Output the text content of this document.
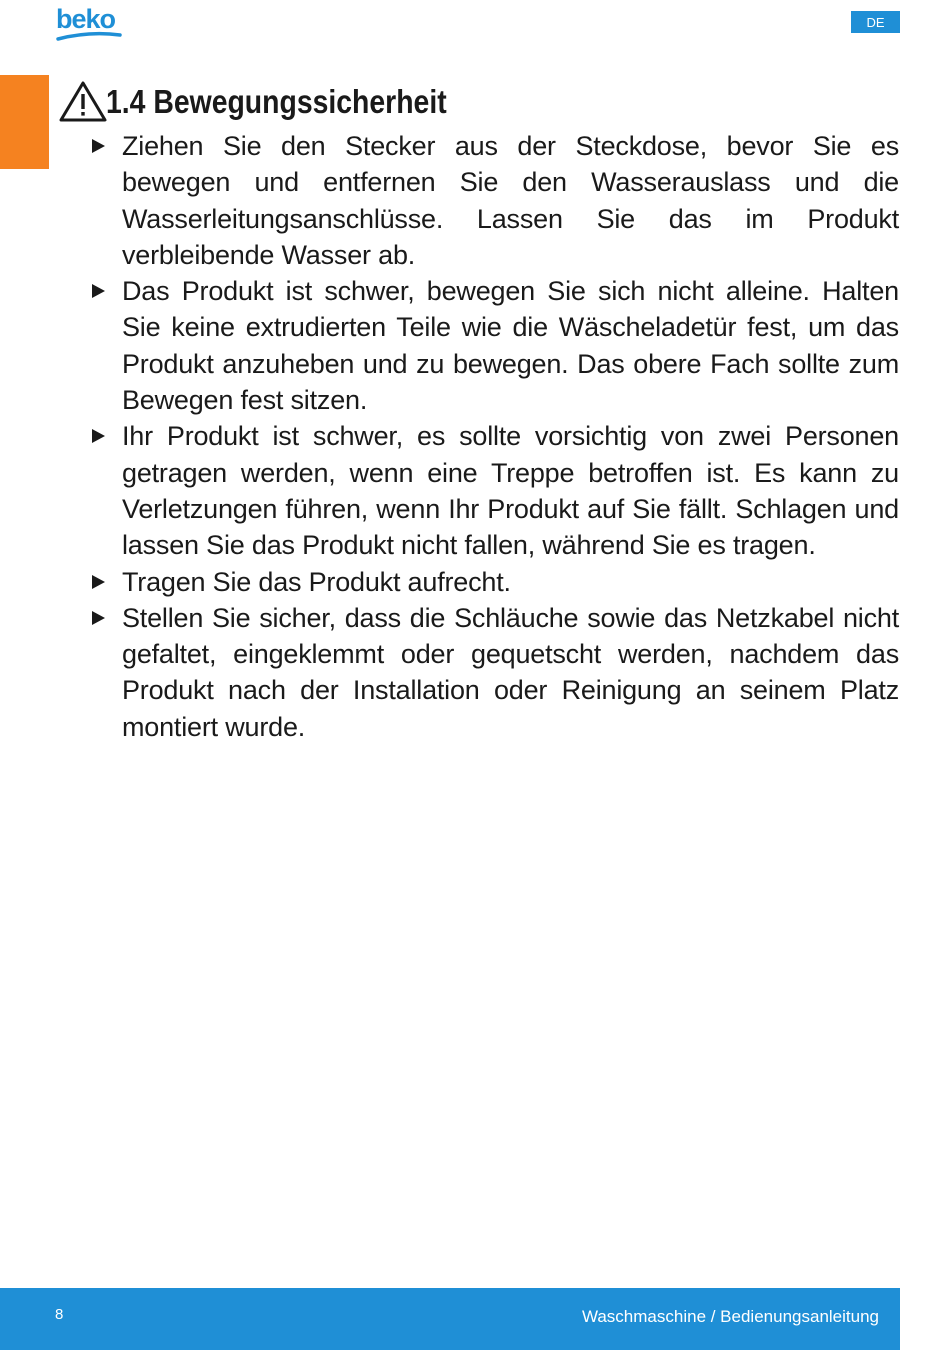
beko	DE
1.4 Bewegungssicherheit
Ziehen Sie den Stecker aus der Steckdose, bevor Sie es bewegen und entfernen Sie den Wasserauslass und die Wasserleitungsanschlüsse. Lassen Sie das im Produkt verbleibende Wasser ab.
Das Produkt ist schwer, bewegen Sie sich nicht alleine. Halten Sie keine extrudierten Teile wie die Wäscheladetür fest, um das Produkt anzuheben und zu bewegen. Das obere Fach sollte zum Bewegen fest sitzen.
Ihr Produkt ist schwer, es sollte vorsichtig von zwei Personen getragen werden, wenn eine Treppe betroffen ist. Es kann zu Verletzungen führen, wenn Ihr Produkt auf Sie fällt. Schlagen und lassen Sie das Produkt nicht fallen, während Sie es tragen.
Tragen Sie das Produkt aufrecht.
Stellen Sie sicher, dass die Schläuche sowie das Netzkabel nicht gefaltet, eingeklemmt oder gequetscht werden, nachdem das Produkt nach der Installation oder Reinigung an seinem Platz montiert wurde.
8	Waschmaschine / Bedienungsanleitung
